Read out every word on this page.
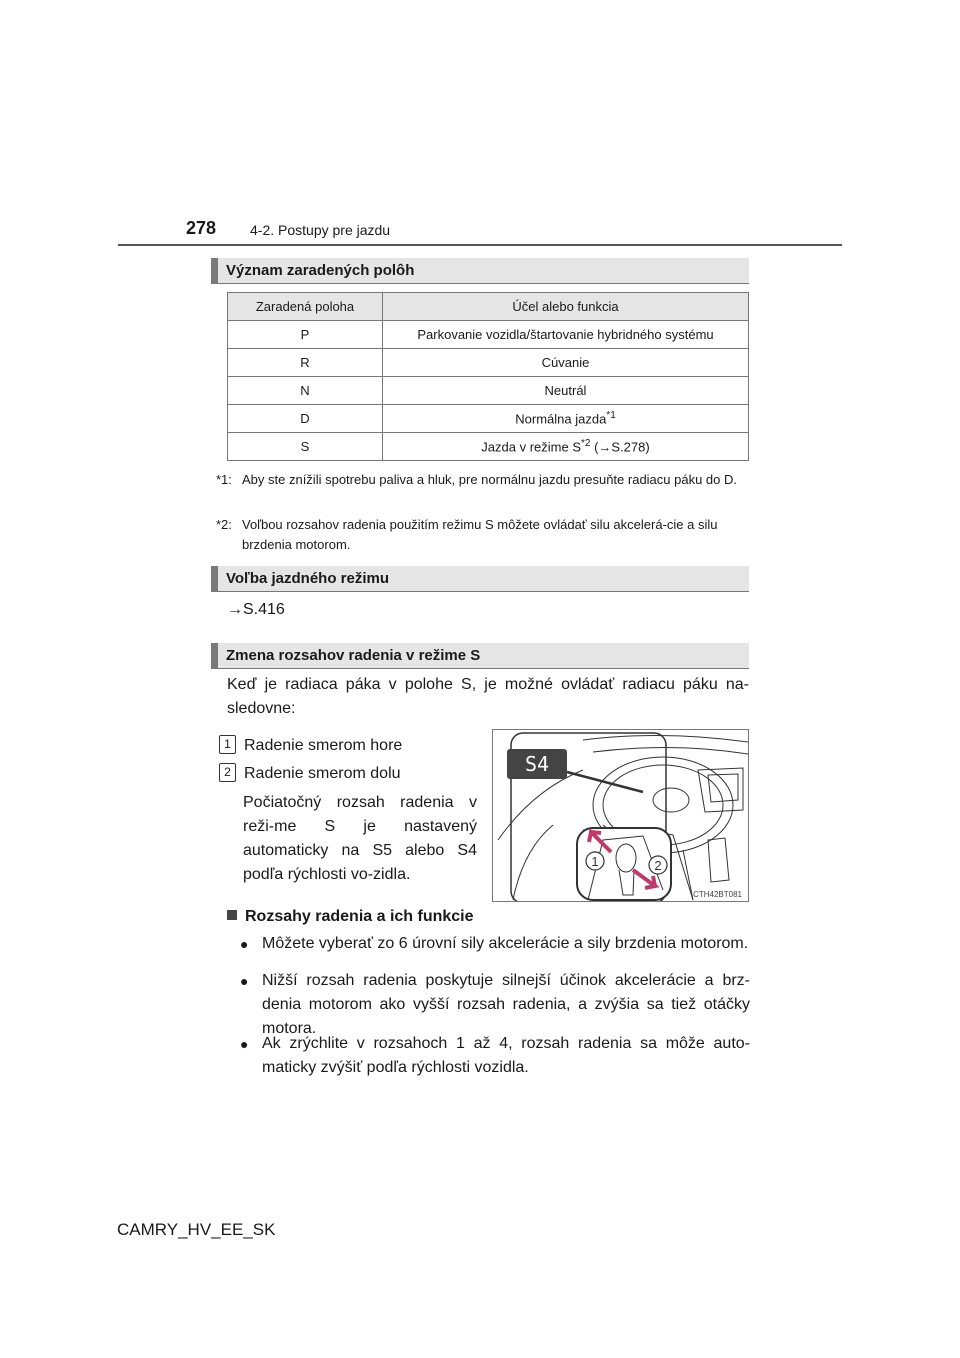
278 4-2. Postupy pre jazdu
Význam zaradených polôh
Zaradená poloha	Účel alebo funkcia
P	Parkovanie vozidla/štartovanie hybridného systému
R	Cúvanie
N	Neutrál
D	Normálna jazda$^{*1}$
S	Jazda v režime $S^{*2}$ (→S.278)
*1: Aby ste znížili spotrebu paliva a hluk, pre normálnu jazdu presuňte radiacu páku do D.
*2: Voľbou rozsahov radenia použitím režimu S môžete ovládať silu akcelerá-cie a silu brzdenia motorom.
Voľba jazdného režimu
→S.416
Zmena rozsahov radenia v režime S
Keď je radiaca páka v polohe S, je možné ovládať radiacu páku na-sledovne:
1 Radenie smerom hore
2 Radenie smerom dolu
Počiatočný rozsah radenia v reži-me S je nastavený automaticky na S5 alebo S4 podľa rýchlosti vo-zidla.
S4
1	2
CTH42BT081
Rozsahy radenia a ich funkcie
● Môžete vyberať zo 6 úrovní sily akcelerácie a sily brzdenia motorom.
● Nižší rozsah radenia poskytuje silnejší účinok akcelerácie a brz-denia motorom ako vyšší rozsah radenia, a zvýšia sa tiež otáčky motora.
● Ak zrýchlite v rozsahoch 1 až 4, rozsah radenia sa môže auto-maticky zvýšiť podľa rýchlosti vozidla.
CAMRY_HV_EE_SK
